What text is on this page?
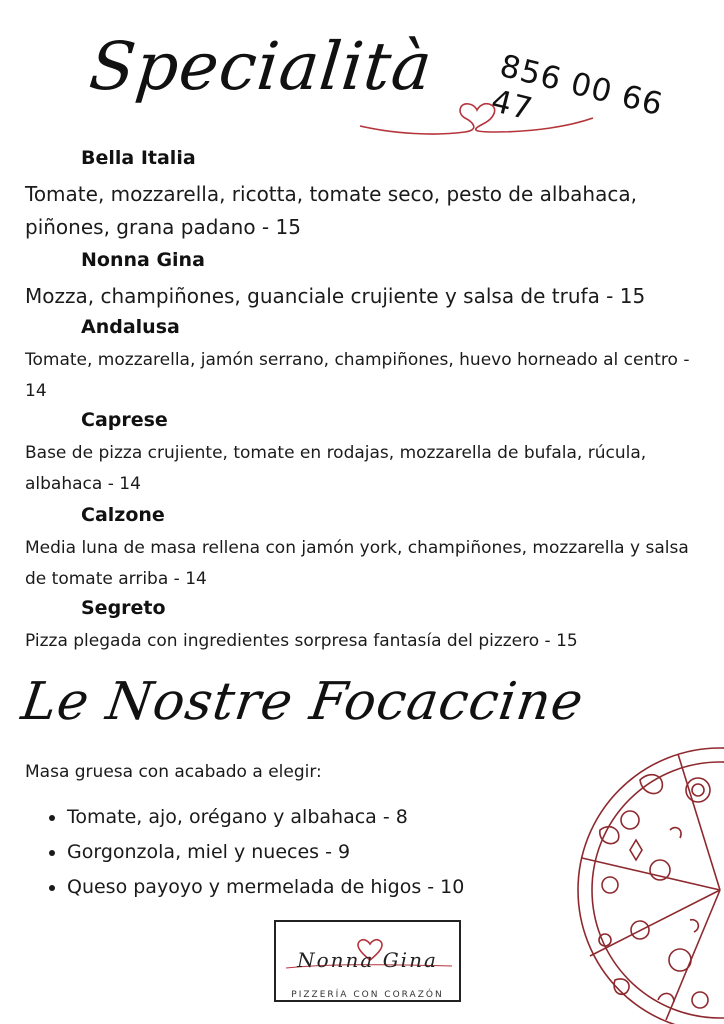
Specialità 856 00 66 47
Bella Italia
Tomate, mozzarella, ricotta, tomate seco, pesto de albahaca, piñones, grana padano - 15
Nonna Gina
Mozza, champiñones, guanciale crujiente y salsa de trufa - 15
Andalusa
Tomate, mozzarella, jamón serrano, champiñones, huevo horneado al centro - 14
Caprese
Base de pizza crujiente, tomate en rodajas, mozzarella de bufala, rúcula, albahaca - 14
Calzone
Media luna de masa rellena con jamón york, champiñones, mozzarella y salsa de tomate arriba - 14
Segreto
Pizza plegada con ingredientes sorpresa fantasía del pizzero - 15
Le Nostre Focaccine
Masa gruesa con acabado a elegir:
• Tomate, ajo, orégano y albahaca - 8
• Gorgonzola, miel y nueces - 9
• Queso payoyo y mermelada de higos - 10
Nonna Gina
PIZZERÍA CON CORAZÓN
